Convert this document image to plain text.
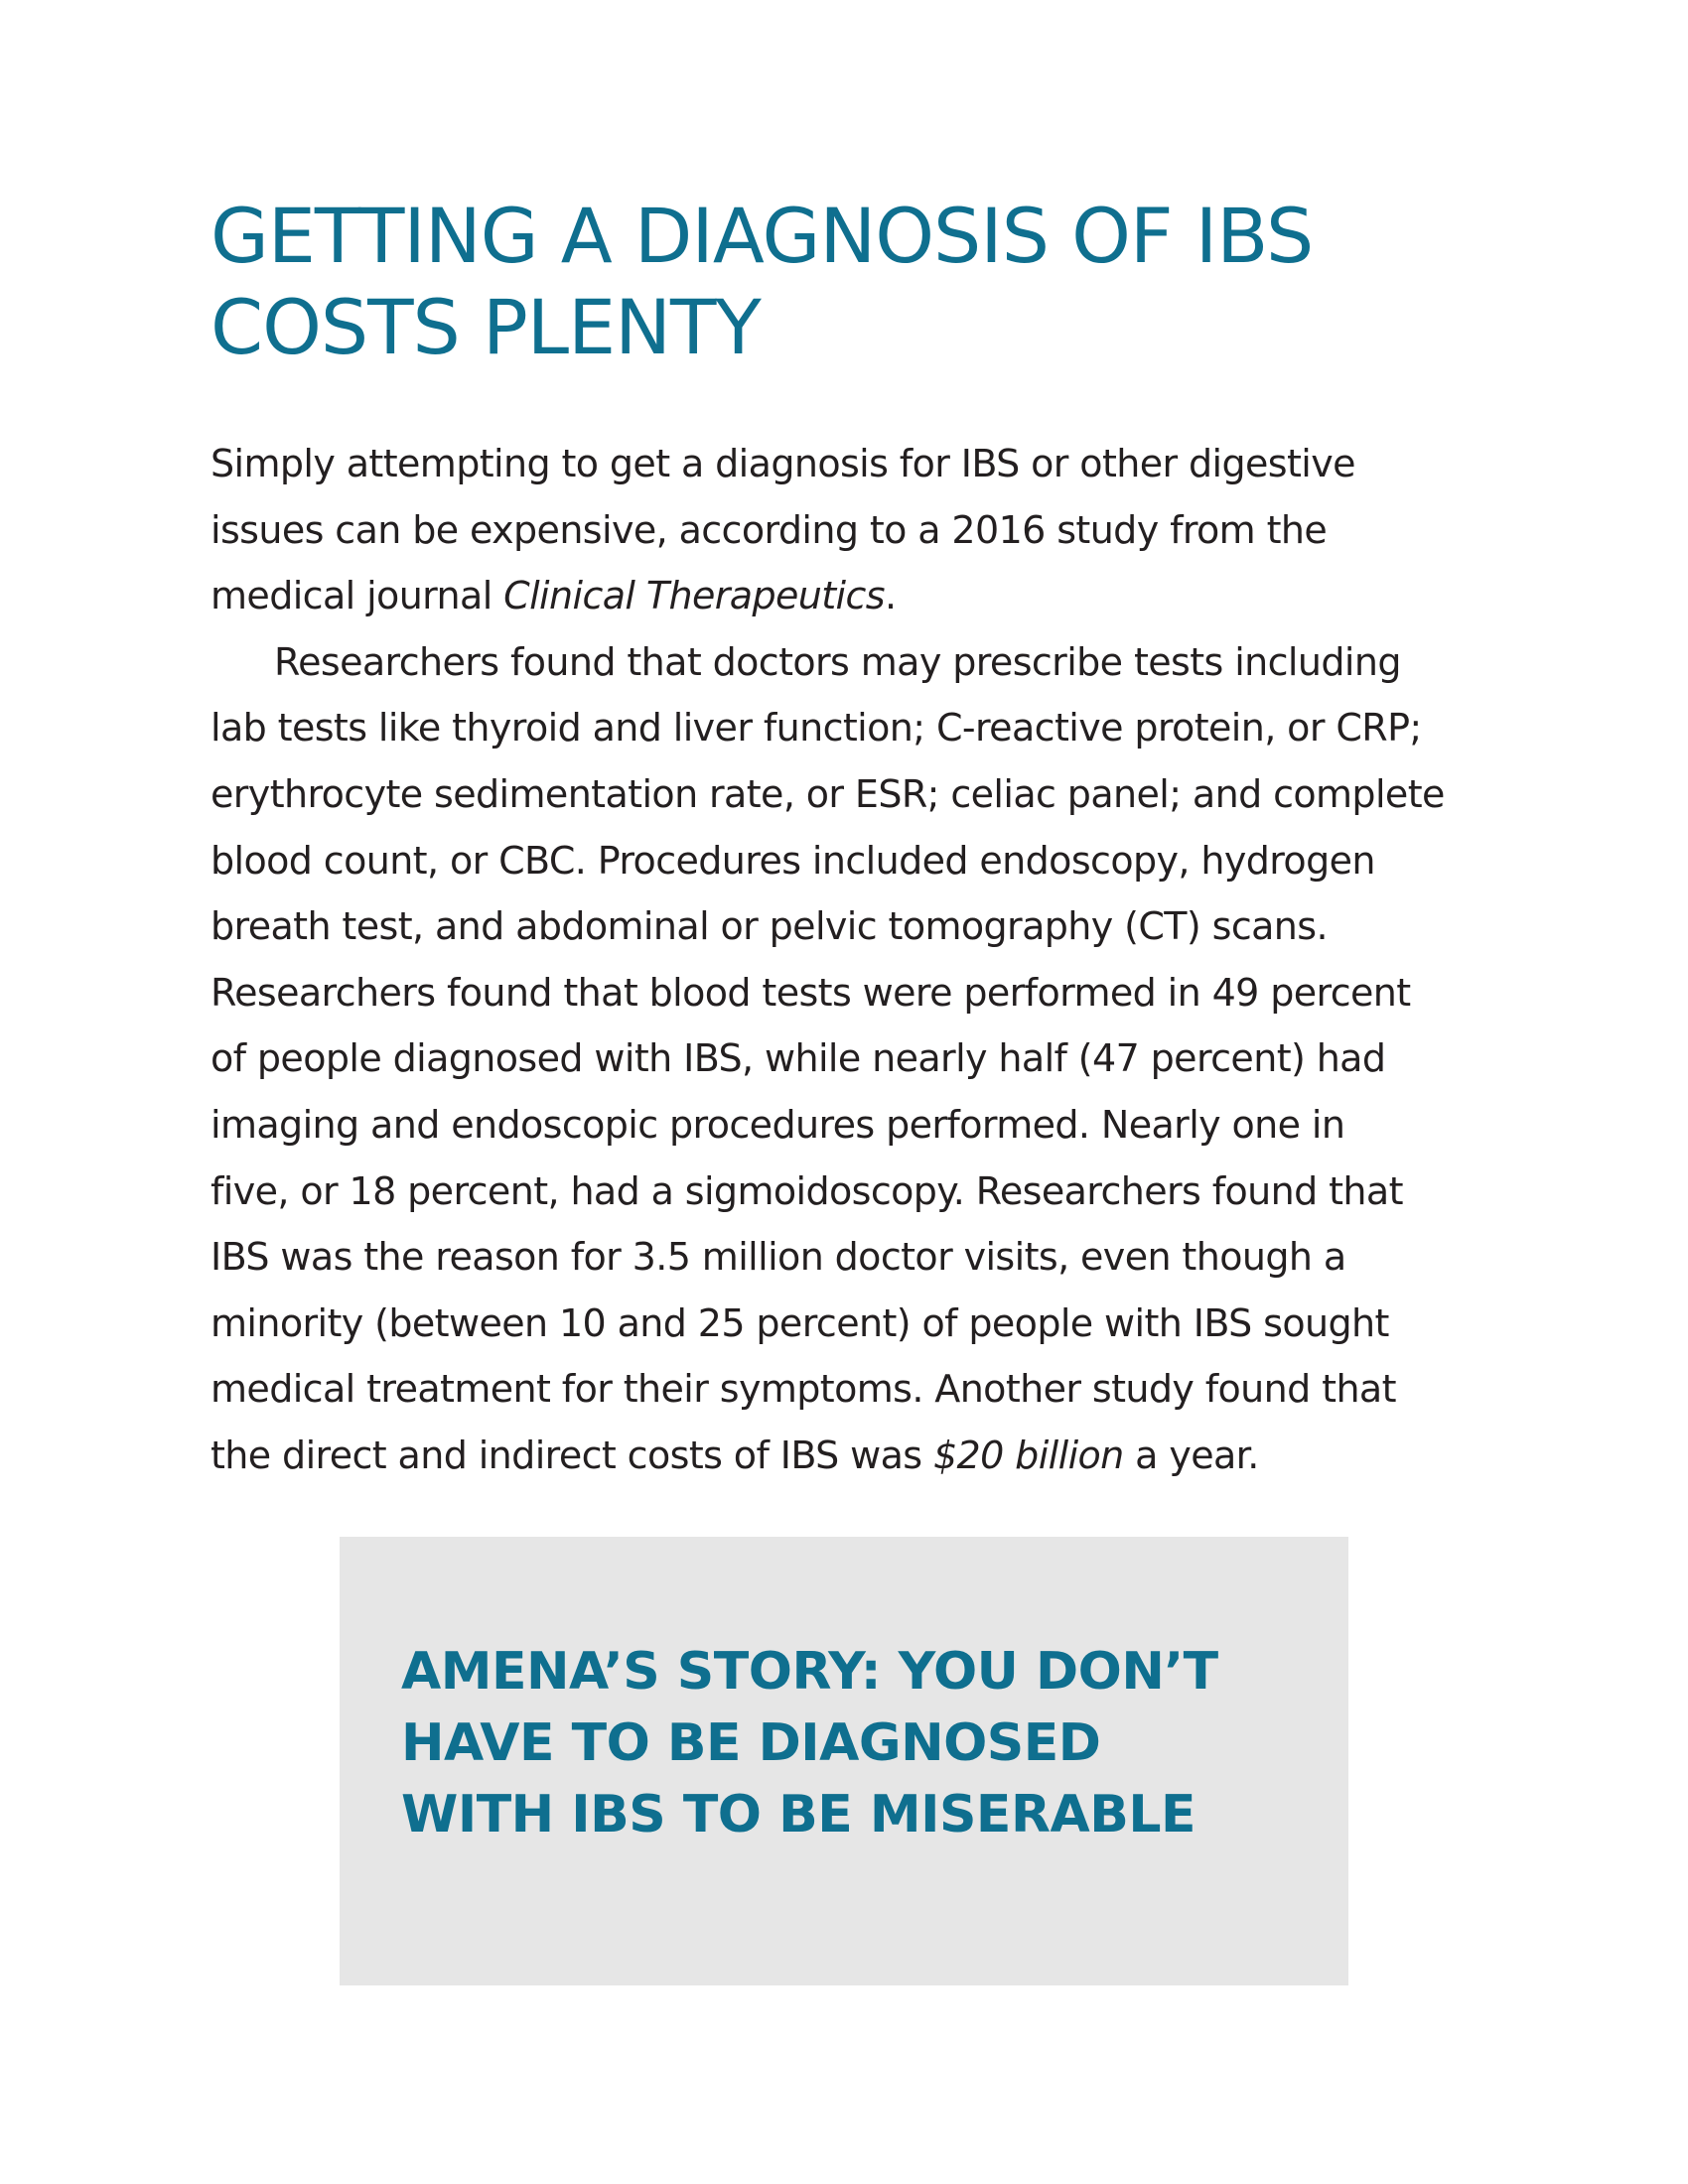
GETTING A DIAGNOSIS OF IBS
COSTS PLENTY
Simply attempting to get a diagnosis for IBS or other digestive
issues can be expensive, according to a 2016 study from the
medical journal Clinical Therapeutics.
Researchers found that doctors may prescribe tests including
lab tests like thyroid and liver function; C-reactive protein, or CRP;
erythrocyte sedimentation rate, or ESR; celiac panel; and complete
blood count, or CBC. Procedures included endoscopy, hydrogen
breath test, and abdominal or pelvic tomography (CT) scans.
Researchers found that blood tests were performed in 49 percent
of people diagnosed with IBS, while nearly half (47 percent) had
imaging and endoscopic procedures performed. Nearly one in
five, or 18 percent, had a sigmoidoscopy. Researchers found that
IBS was the reason for 3.5 million doctor visits, even though a
minority (between 10 and 25 percent) of people with IBS sought
medical treatment for their symptoms. Another study found that
the direct and indirect costs of IBS was $20 billion a year.
AMENA’S STORY: YOU DON’T
HAVE TO BE DIAGNOSED
WITH IBS TO BE MISERABLE
